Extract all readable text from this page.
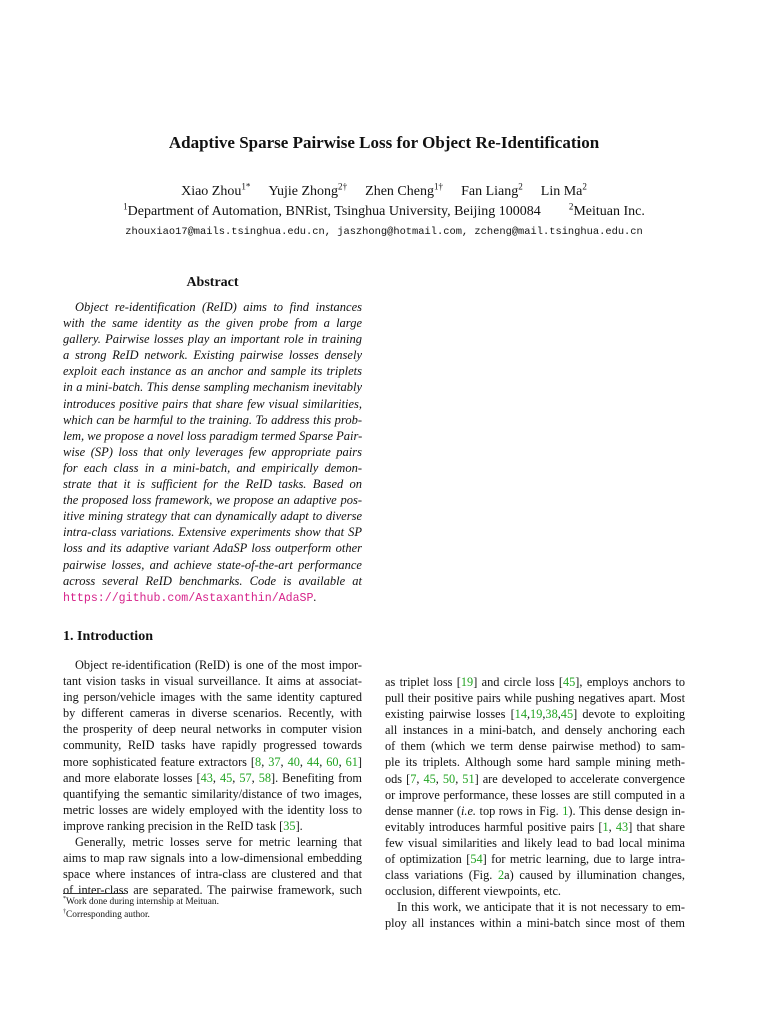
Adaptive Sparse Pairwise Loss for Object Re-Identification
Xiao Zhou$^{1*}$ Yujie Zhong$^{2\dagger}$ Zhen Cheng$^{1\dagger}$ Fan Liang$^2$ Lin Ma$^2$
$^1$Department of Automation, BNRist, Tsinghua University, Beijing 100084	$^2$Meituan Inc.
zhouxiao17@mails.tsinghua.edu.cn, jaszhong@hotmail.com, zcheng@mail.tsinghua.edu.cn
Abstract
Object re-identification (ReID) aims to find instances
with the same identity as the given probe from a large
gallery. Pairwise losses play an important role in training
a strong ReID network. Existing pairwise losses densely
exploit each instance as an anchor and sample its triplets
in a mini-batch. This dense sampling mechanism inevitably
introduces positive pairs that share few visual similarities,
which can be harmful to the training. To address this prob-
lem, we propose a novel loss paradigm termed Sparse Pair-
wise (SP) loss that only leverages few appropriate pairs
for each class in a mini-batch, and empirically demon-
strate that it is sufficient for the ReID tasks. Based on
the proposed loss framework, we propose an adaptive pos-
itive mining strategy that can dynamically adapt to diverse
intra-class variations. Extensive experiments show that SP
loss and its adaptive variant AdaSP loss outperform other
pairwise losses, and achieve state-of-the-art performance
across several ReID benchmarks. Code is available at
https://github.com/Astaxanthin/AdaSP.
1. Introduction
Object re-identification (ReID) is one of the most impor-
tant vision tasks in visual surveillance. It aims at associat-
ing person/vehicle images with the same identity captured
by different cameras in diverse scenarios. Recently, with
the prosperity of deep neural networks in computer vision
community, ReID tasks have rapidly progressed towards
more sophisticated feature extractors [8, 37, 40, 44, 60, 61]
and more elaborate losses [43, 45, 57, 58]. Benefiting from
quantifying the semantic similarity/distance of two images,
metric losses are widely employed with the identity loss to
improve ranking precision in the ReID task [35].
Generally, metric losses serve for metric learning that
aims to map raw signals into a low-dimensional embedding
space where instances of intra-class are clustered and that
of inter-class are separated. The pairwise framework, such
as triplet loss [19] and circle loss [45], employs anchors to
pull their positive pairs while pushing negatives apart. Most
existing pairwise losses [14,19,38,45] devote to exploiting
all instances in a mini-batch, and densely anchoring each
of them (which we term dense pairwise method) to sam-
ple its triplets. Although some hard sample mining meth-
ods [7, 45, 50, 51] are developed to accelerate convergence
or improve performance, these losses are still computed in a
dense manner (i.e. top rows in Fig. 1). This dense design in-
evitably introduces harmful positive pairs [1, 43] that share
few visual similarities and likely lead to bad local minima
of optimization [54] for metric learning, due to large intra-
class variations (Fig. 2a) caused by illumination changes,
occlusion, different viewpoints, etc.
In this work, we anticipate that it is not necessary to em-
ploy all instances within a mini-batch since most of them
*Work done during internship at Meituan.
†Corresponding author.
